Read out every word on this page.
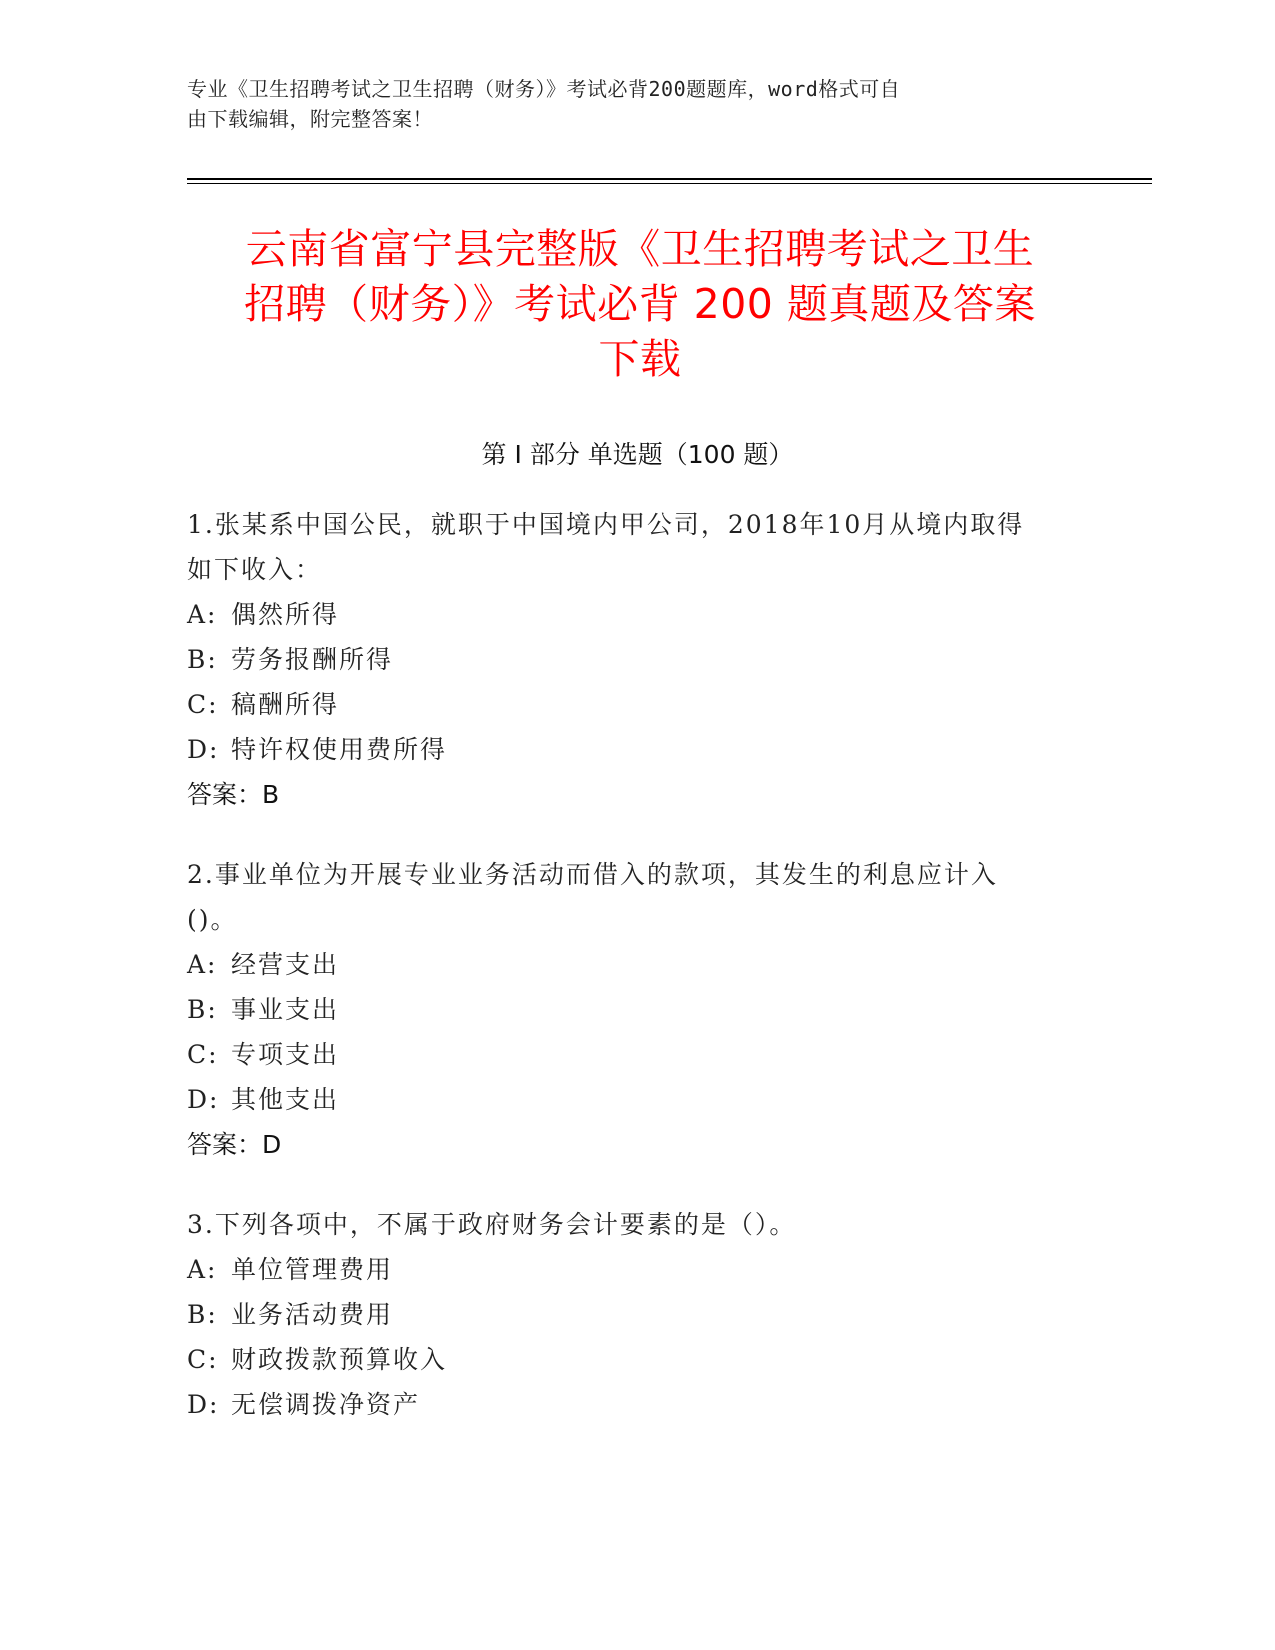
专业《卫生招聘考试之卫生招聘（财务）》考试必背200题题库，word格式可自
由下载编辑，附完整答案！
云南省富宁县完整版《卫生招聘考试之卫生
招聘（财务）》考试必背 200 题真题及答案
下载
第 I 部分 单选题（100 题）
1.张某系中国公民，就职于中国境内甲公司，2018年10月从境内取得
如下收入：
A: 偶然所得
B: 劳务报酬所得
C: 稿酬所得
D: 特许权使用费所得
答案：B
2.事业单位为开展专业业务活动而借入的款项，其发生的利息应计入
()。
A: 经营支出
B: 事业支出
C: 专项支出
D: 其他支出
答案：D
3.下列各项中，不属于政府财务会计要素的是（）。
A: 单位管理费用
B: 业务活动费用
C: 财政拨款预算收入
D: 无偿调拨净资产
